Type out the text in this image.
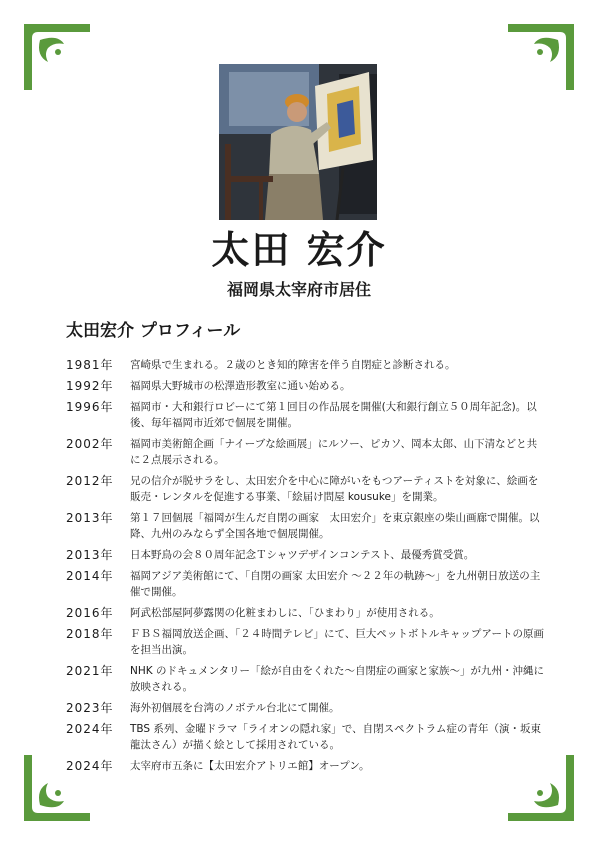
太田 宏介
福岡県太宰府市居住
太田宏介 プロフィール
1981年	宮崎県で生まれる。２歳のとき知的障害を伴う自閉症と診断される。
1992年	福岡県大野城市の松澤造形教室に通い始める。
1996年	福岡市・大和銀行ロビーにて第１回目の作品展を開催(大和銀行創立５０周年記念)。以後、毎年福岡市近郊で個展を開催。
2002年	福岡市美術館企画「ナイーブな絵画展」にルソー、ピカソ、岡本太郎、山下清などと共に２点展示される。
2012年	兄の信介が脱サラをし、太田宏介を中心に障がいをもつアーティストを対象に、絵画を販売・レンタルを促進する事業、「絵届け問屋 kousuke」を開業。
2013年	第１７回個展「福岡が生んだ自閉の画家　太田宏介」を東京銀座の柴山画廊で開催。以降、九州のみならず全国各地で個展開催。
2013年	日本野鳥の会８０周年記念Ｔシャツデザインコンテスト、最優秀賞受賞。
2014年	福岡アジア美術館にて、「自閉の画家 太田宏介 ～２２年の軌跡～」を九州朝日放送の主催で開催。
2016年	阿武松部屋阿夢露関の化粧まわしに、「ひまわり」が使用される。
2018年	ＦＢＳ福岡放送企画、「２４時間テレビ」にて、巨大ペットボトルキャップアートの原画を担当出演。
2021年	NHK のドキュメンタリー「絵が自由をくれた～自閉症の画家と家族～」が九州・沖縄に放映される。
2023年	海外初個展を台湾のノボテル台北にて開催。
2024年	TBS 系列、金曜ドラマ「ライオンの隠れ家」で、自閉スペクトラム症の青年（演・坂東龍汰さん）が描く絵として採用されている。
2024年	太宰府市五条に【太田宏介アトリエ館】オープン。
